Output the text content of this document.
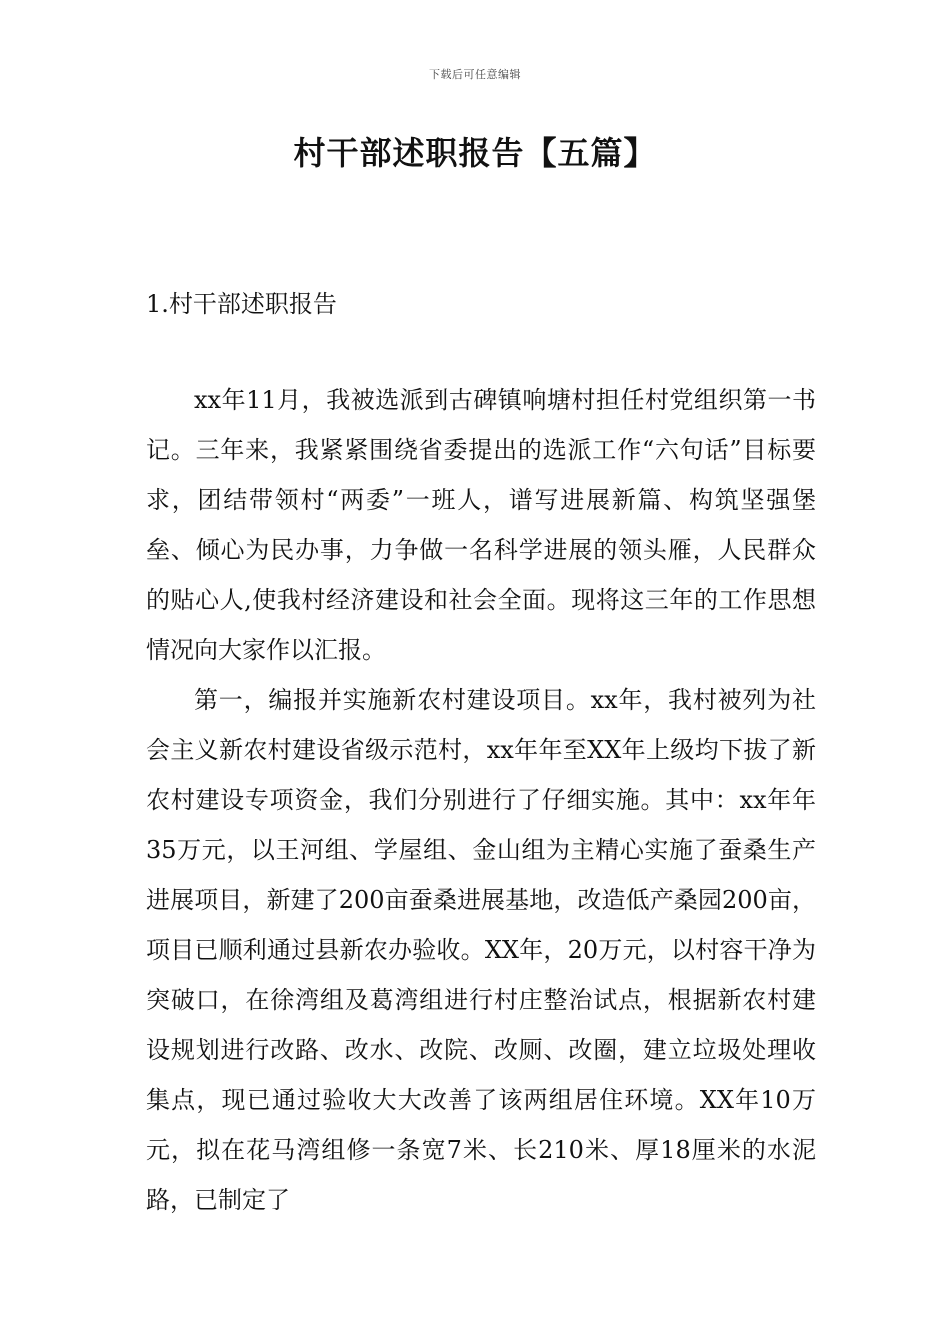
下载后可任意编辑
村干部述职报告【五篇】
1.村干部述职报告

xx年11月，我被选派到古碑镇响塘村担任村党组织第一书记。三年来，我紧紧围绕省委提出的选派工作“六句话”目标要求，团结带领村“两委”一班人，谱写进展新篇、构筑坚强堡垒、倾心为民办事，力争做一名科学进展的领头雁，人民群众的贴心人,使我村经济建设和社会全面。现将这三年的工作思想情况向大家作以汇报。

第一，编报并实施新农村建设项目。xx年，我村被列为社会主义新农村建设省级示范村，xx年年至XX年上级均下拔了新农村建设专项资金，我们分别进行了仔细实施。其中：xx年年35万元，以王河组、学屋组、金山组为主精心实施了蚕桑生产进展项目，新建了200亩蚕桑进展基地，改造低产桑园200亩，项目已顺利通过县新农办验收。XX年，20万元，以村容干净为突破口，在徐湾组及葛湾组进行村庄整治试点，根据新农村建设规划进行改路、改水、改院、改厕、改圈，建立垃圾处理收集点，现已通过验收大大改善了该两组居住环境。XX年10万元，拟在花马湾组修一条宽7米、长210米、厚18厘米的水泥路，已制定了
